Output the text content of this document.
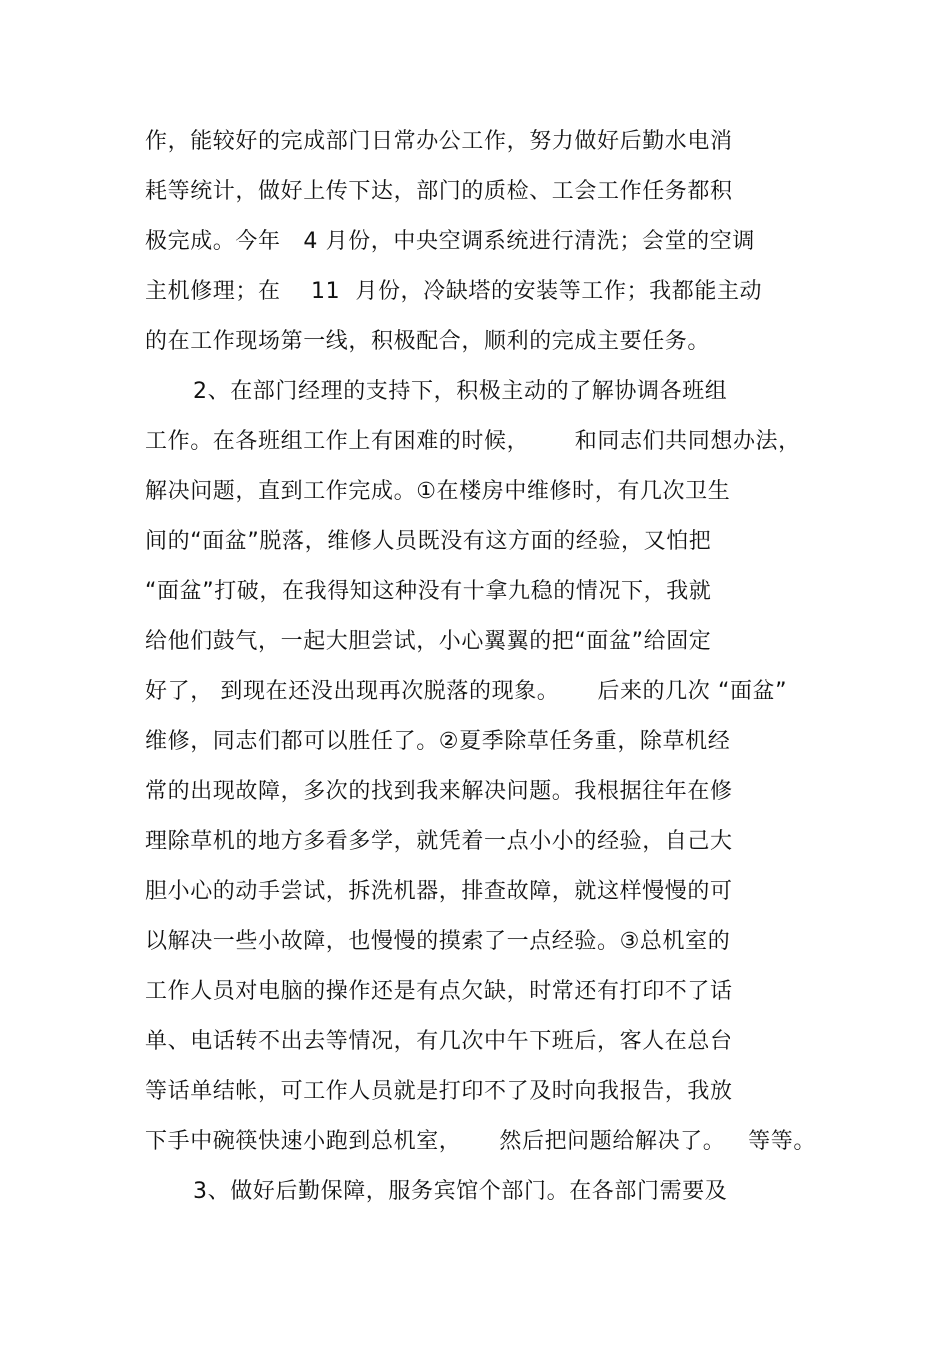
作，能较好的完成部门日常办公工作，努力做好后勤水电消
耗等统计，做好上传下达，部门的质检、工会工作任务都积
极完成。今年   4 月份，中央空调系统进行清洗；会堂的空调
主机修理；在    11  月份，冷缺塔的安装等工作；我都能主动
的在工作现场第一线，积极配合，顺利的完成主要任务。
2、在部门经理的支持下，积极主动的了解协调各班组
工作。在各班组工作上有困难的时候，      和同志们共同想办法，
解决问题，直到工作完成。①在楼房中维修时，有几次卫生
间的“面盆”脱落，维修人员既没有这方面的经验，又怕把
“面盆”打破，在我得知这种没有十拿九稳的情况下，我就
给他们鼓气，一起大胆尝试，小心翼翼的把“面盆”给固定
好了， 到现在还没出现再次脱落的现象。     后来的几次 “面盆”
维修，同志们都可以胜任了。②夏季除草任务重，除草机经
常的出现故障，多次的找到我来解决问题。我根据往年在修
理除草机的地方多看多学，就凭着一点小小的经验，自己大
胆小心的动手尝试，拆洗机器，排查故障，就这样慢慢的可
以解决一些小故障，也慢慢的摸索了一点经验。③总机室的
工作人员对电脑的操作还是有点欠缺，时常还有打印不了话
单、电话转不出去等情况，有几次中午下班后，客人在总台
等话单结帐，可工作人员就是打印不了及时向我报告，我放
下手中碗筷快速小跑到总机室，     然后把问题给解决了。   等等。
3、做好后勤保障，服务宾馆个部门。在各部门需要及
